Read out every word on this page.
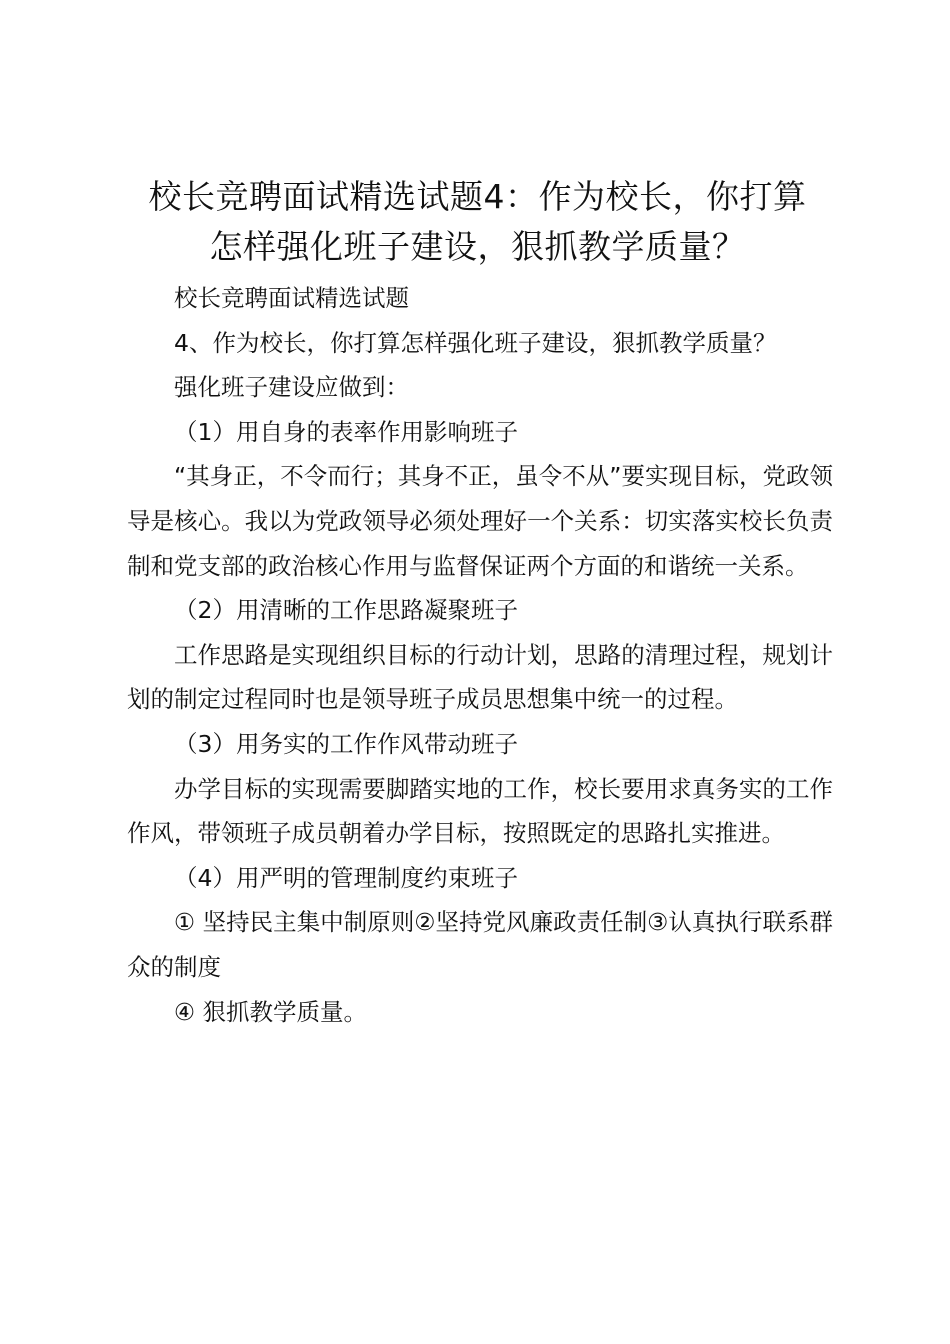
校长竞聘面试精选试题4：作为校长，你打算
怎样强化班子建设，狠抓教学质量？

校长竞聘面试精选试题

4、作为校长，你打算怎样强化班子建设，狠抓教学质量？

强化班子建设应做到：

（1）用自身的表率作用影响班子

“其身正，不令而行；其身不正，虽令不从”要实现目标，党政领导是核心。我以为党政领导必须处理好一个关系：切实落实校长负责制和党支部的政治核心作用与监督保证两个方面的和谐统一关系。

（2）用清晰的工作思路凝聚班子

工作思路是实现组织目标的行动计划，思路的清理过程，规划计划的制定过程同时也是领导班子成员思想集中统一的过程。

（3）用务实的工作作风带动班子

办学目标的实现需要脚踏实地的工作，校长要用求真务实的工作作风，带领班子成员朝着办学目标，按照既定的思路扎实推进。

（4）用严明的管理制度约束班子

① 坚持民主集中制原则②坚持党风廉政责任制③认真执行联系群众的制度

④ 狠抓教学质量。
